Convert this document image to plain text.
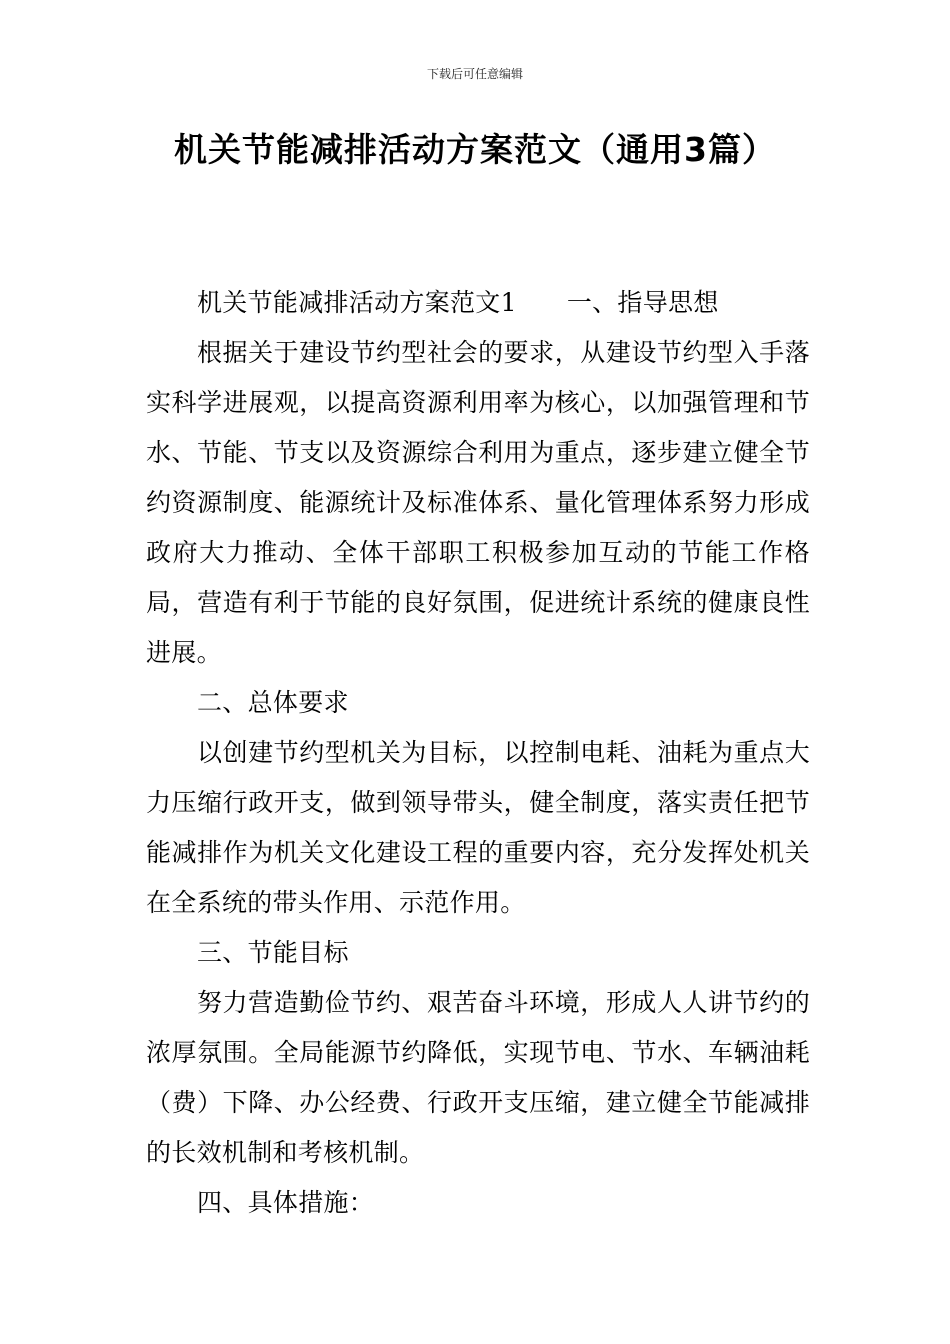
下载后可任意编辑
机关节能减排活动方案范文（通用3篇）

机关节能减排活动方案范文1 一、指导思想

根据关于建设节约型社会的要求，从建设节约型入手落实科学进展观，以提高资源利用率为核心，以加强管理和节水、节能、节支以及资源综合利用为重点，逐步建立健全节约资源制度、能源统计及标准体系、量化管理体系努力形成政府大力推动、全体干部职工积极参加互动的节能工作格局，营造有利于节能的良好氛围，促进统计系统的健康良性进展。

二、总体要求

以创建节约型机关为目标，以控制电耗、油耗为重点大力压缩行政开支，做到领导带头，健全制度，落实责任把节能减排作为机关文化建设工程的重要内容，充分发挥处机关在全系统的带头作用、示范作用。

三、节能目标

努力营造勤俭节约、艰苦奋斗环境，形成人人讲节约的浓厚氛围。全局能源节约降低，实现节电、节水、车辆油耗（费）下降、办公经费、行政开支压缩，建立健全节能减排的长效机制和考核机制。

四、具体措施：
